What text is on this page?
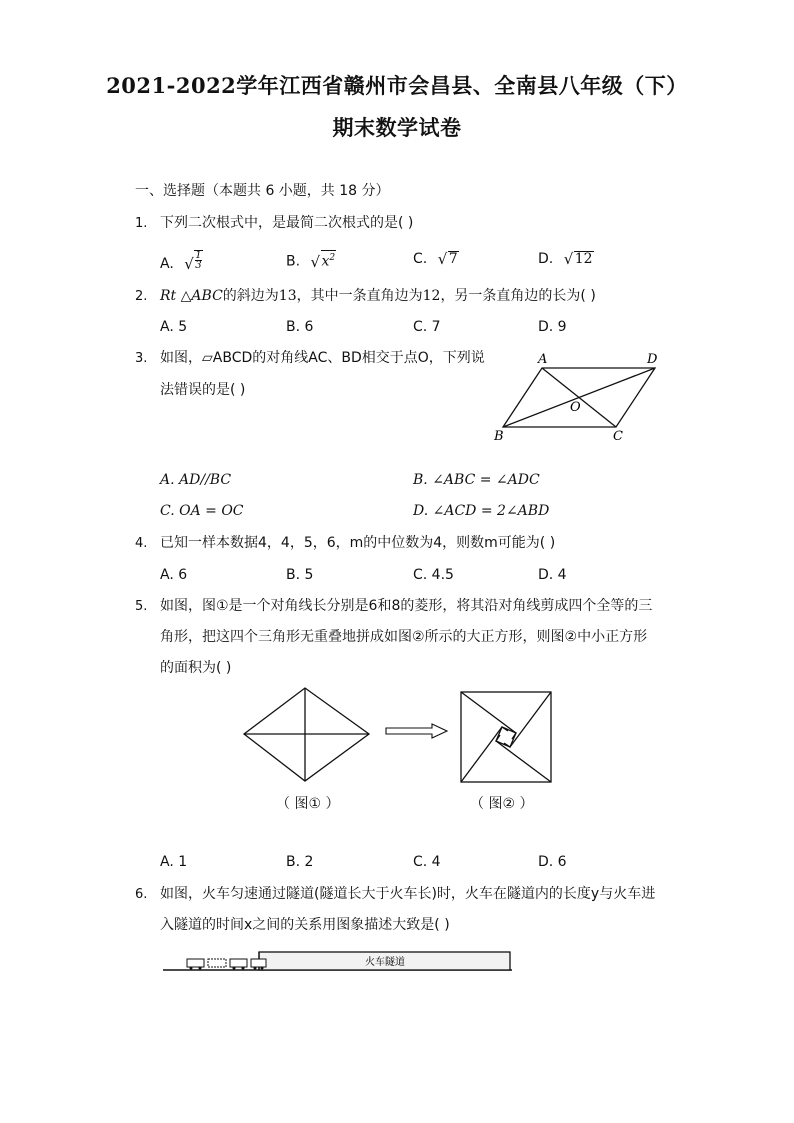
2021-2022学年江西省赣州市会昌县、全南县八年级（下）
期末数学试卷
一、选择题（本题共 6 小题，共 18 分）
1. 下列二次根式中，是最简二次根式的是( )
A. √ $\frac{1}{3}$	B. √ $x^2$	C. √ 7	D. √ 12
2. Rt △ABC的斜边为13，其中一条直角边为12，另一条直角边的长为( )
A. 5	B. 6	C. 7	D. 9
3. 如图，▱ABCD的对角线AC、BD相交于点O，下列说
法错误的是( )
A	D
B	C
O
A. AD//BC	B. ∠ABC = ∠ADC
C. OA = OC	D. ∠ACD = 2∠ABD
4. 已知一样本数据4，4，5，6，m的中位数为4，则数m可能为( )
A. 6	B. 5	C. 4.5	D. 4
5. 如图，图①是一个对角线长分别是6和8的菱形，将其沿对角线剪成四个全等的三
角形，把这四个三角形无重叠地拼成如图②所示的大正方形，则图②中小正方形
的面积为( )
（ 图① ）	（ 图② ）
A. 1	B. 2	C. 4	D. 6
6. 如图，火车匀速通过隧道(隧道长大于火车长)时，火车在隧道内的长度y与火车进
入隧道的时间x之间的关系用图象描述大致是( )
火车隧道
